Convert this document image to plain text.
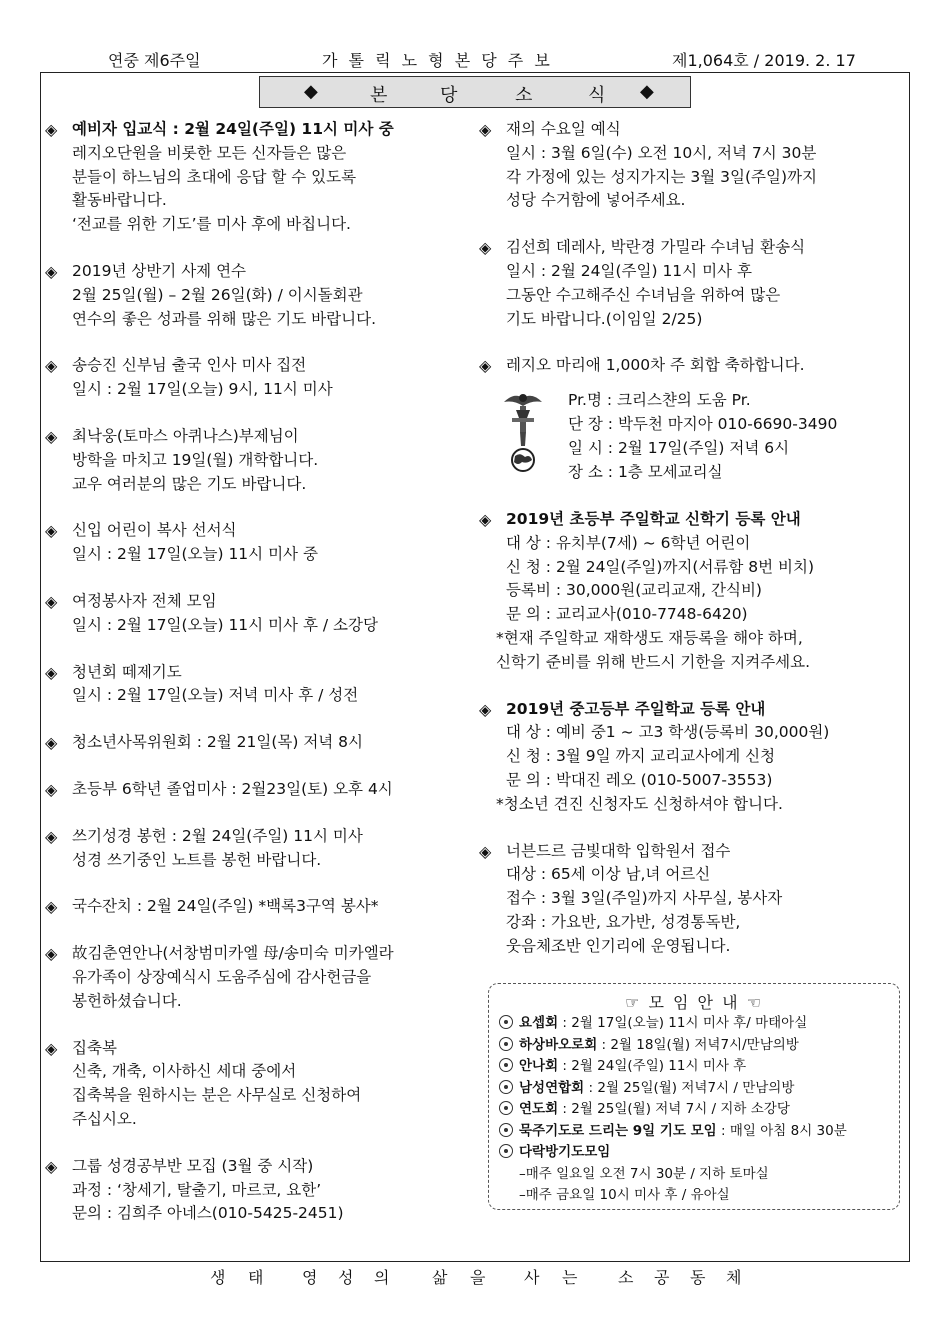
연중 제6주일	가 톨 릭 노 형 본 당 주 보	제1,064호 / 2019. 2. 17
◆	본	당	소	식 ◆
◈ 예비자 입교식 : 2월 24일(주일) 11시 미사 중
레지오단원을 비롯한 모든 신자들은 많은
분들이 하느님의 초대에 응답 할 수 있도록
활동바랍니다.
‘전교를 위한 기도’를 미사 후에 바칩니다.
◈ 2019년 상반기 사제 연수
2월 25일(월) – 2월 26일(화) / 이시돌회관
연수의 좋은 성과를 위해 많은 기도 바랍니다.
◈ 송승진 신부님 출국 인사 미사 집전
일시 : 2월 17일(오늘) 9시, 11시 미사
◈ 최낙웅(토마스 아퀴나스)부제님이
방학을 마치고 19일(월) 개학합니다.
교우 여러분의 많은 기도 바랍니다.
◈ 신입 어린이 복사 선서식
일시 : 2월 17일(오늘) 11시 미사 중
◈ 여정봉사자 전체 모임
일시 : 2월 17일(오늘) 11시 미사 후 / 소강당
◈ 청년회 떼제기도
일시 : 2월 17일(오늘) 저녁 미사 후 / 성전
◈ 청소년사목위원회 : 2월 21일(목) 저녁 8시
◈ 초등부 6학년 졸업미사 : 2월23일(토) 오후 4시
◈ 쓰기성경 봉헌 : 2월 24일(주일) 11시 미사
성경 쓰기중인 노트를 봉헌 바랍니다.
◈ 국수잔치 : 2월 24일(주일) *백록3구역 봉사*
◈ 故김춘연안나(서창범미카엘 母/송미숙 미카엘라
유가족이 상장예식시 도움주심에 감사헌금을
봉헌하셨습니다.
◈ 집축복
신축, 개축, 이사하신 세대 중에서
집축복을 원하시는 분은 사무실로 신청하여
주십시오.
◈ 그룹 성경공부반 모집 (3월 중 시작)
과정 : ‘창세기, 탈출기, 마르코, 요한’
문의 : 김희주 아네스(010-5425-2451)
◈ 재의 수요일 예식
일시 : 3월 6일(수) 오전 10시, 저녁 7시 30분
각 가정에 있는 성지가지는 3월 3일(주일)까지
성당 수거함에 넣어주세요.
◈ 김선희 데레사, 박란경 가밀라 수녀님 환송식
일시 : 2월 24일(주일) 11시 미사 후
그동안 수고해주신 수녀님을 위하여 많은
기도 바랍니다.(이임일 2/25)
◈ 레지오 마리애 1,000차 주 회합 축하합니다.
Pr.명 : 크리스챤의 도움 Pr.
단 장 : 박두천 마지아 010-6690-3490
일 시 : 2월 17일(주일) 저녁 6시
장 소 : 1층 모세교리실
◈ 2019년 초등부 주일학교 신학기 등록 안내
대 상 : 유치부(7세) ~ 6학년 어린이
신 청 : 2월 24일(주일)까지(서류함 8번 비치)
등록비 : 30,000원(교리교재, 간식비)
문 의 : 교리교사(010-7748-6420)
*현재 주일학교 재학생도 재등록을 해야 하며,
신학기 준비를 위해 반드시 기한을 지켜주세요.
◈ 2019년 중고등부 주일학교 등록 안내
대 상 : 예비 중1 ~ 고3 학생(등록비 30,000원)
신 청 : 3월 9일 까지 교리교사에게 신청
문 의 : 박대진 레오 (010-5007-3553)
*청소년 견진 신청자도 신청하셔야 합니다.
◈ 너븐드르 금빛대학 입학원서 접수
대상 : 65세 이상 남,녀 어르신
접수 : 3월 3일(주일)까지 사무실, 봉사자
강좌 : 가요반, 요가반, 성경통독반,
웃음체조반 인기리에 운영됩니다.
☞ 모 임 안 내 ☜
요셉회 : 2월 17일(오늘) 11시 미사 후/ 마태아실
하상바오로회 : 2월 18일(월) 저녁7시/만남의방
안나회 : 2월 24일(주일) 11시 미사 후
남성연합회 : 2월 25일(월) 저녁7시 / 만남의방
연도회 : 2월 25일(월) 저녁 7시 / 지하 소강당
묵주기도로 드리는 9일 기도 모임 : 매일 아침 8시 30분
다락방기도모임
–매주 일요일 오전 7시 30분 / 지하 토마실
–매주 금요일 10시 미사 후 / 유아실
생 태 영 성 의	삶 을 사 는	소 공 동 체
